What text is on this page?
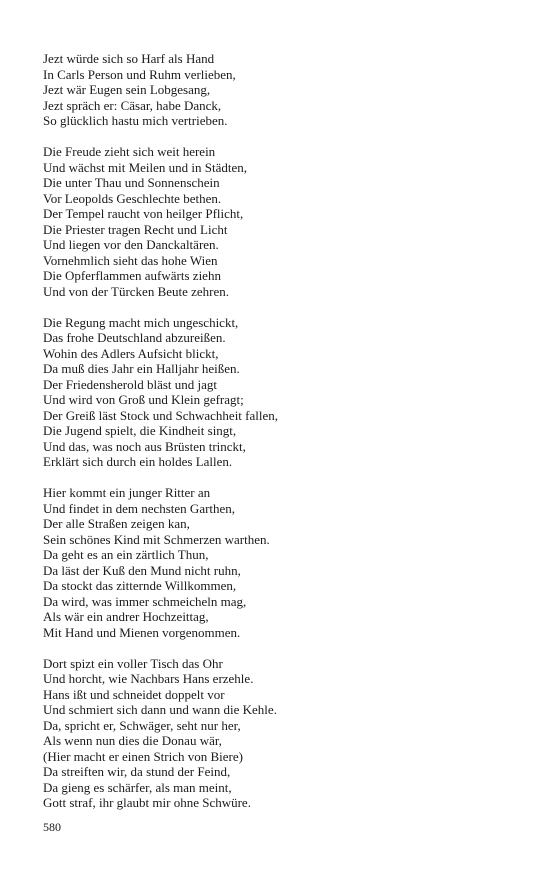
Jezt würde sich so Harf als Hand
In Carls Person und Ruhm verlieben,
Jezt wär Eugen sein Lobgesang,
Jezt spräch er: Cäsar, habe Danck,
So glücklich hastu mich vertrieben.
Die Freude zieht sich weit herein
Und wächst mit Meilen und in Städten,
Die unter Thau und Sonnenschein
Vor Leopolds Geschlechte bethen.
Der Tempel raucht von heilger Pflicht,
Die Priester tragen Recht und Licht
Und liegen vor den Danckaltären.
Vornehmlich sieht das hohe Wien
Die Opferflammen aufwärts ziehn
Und von der Türcken Beute zehren.
Die Regung macht mich ungeschickt,
Das frohe Deutschland abzureißen.
Wohin des Adlers Aufsicht blickt,
Da muß dies Jahr ein Halljahr heißen.
Der Friedensherold bläst und jagt
Und wird von Groß und Klein gefragt;
Der Greiß läst Stock und Schwachheit fallen,
Die Jugend spielt, die Kindheit singt,
Und das, was noch aus Brüsten trinckt,
Erklärt sich durch ein holdes Lallen.
Hier kommt ein junger Ritter an
Und findet in dem nechsten Garthen,
Der alle Straßen zeigen kan,
Sein schönes Kind mit Schmerzen warthen.
Da geht es an ein zärtlich Thun,
Da läst der Kuß den Mund nicht ruhn,
Da stockt das zitternde Willkommen,
Da wird, was immer schmeicheln mag,
Als wär ein andrer Hochzeittag,
Mit Hand und Mienen vorgenommen.
Dort spizt ein voller Tisch das Ohr
Und horcht, wie Nachbars Hans erzehle.
Hans ißt und schneidet doppelt vor
Und schmiert sich dann und wann die Kehle.
Da, spricht er, Schwäger, seht nur her,
Als wenn nun dies die Donau wär,
(Hier macht er einen Strich von Biere)
Da streiften wir, da stund der Feind,
Da gieng es schärfer, als man meint,
Gott straf, ihr glaubt mir ohne Schwüre.
580
